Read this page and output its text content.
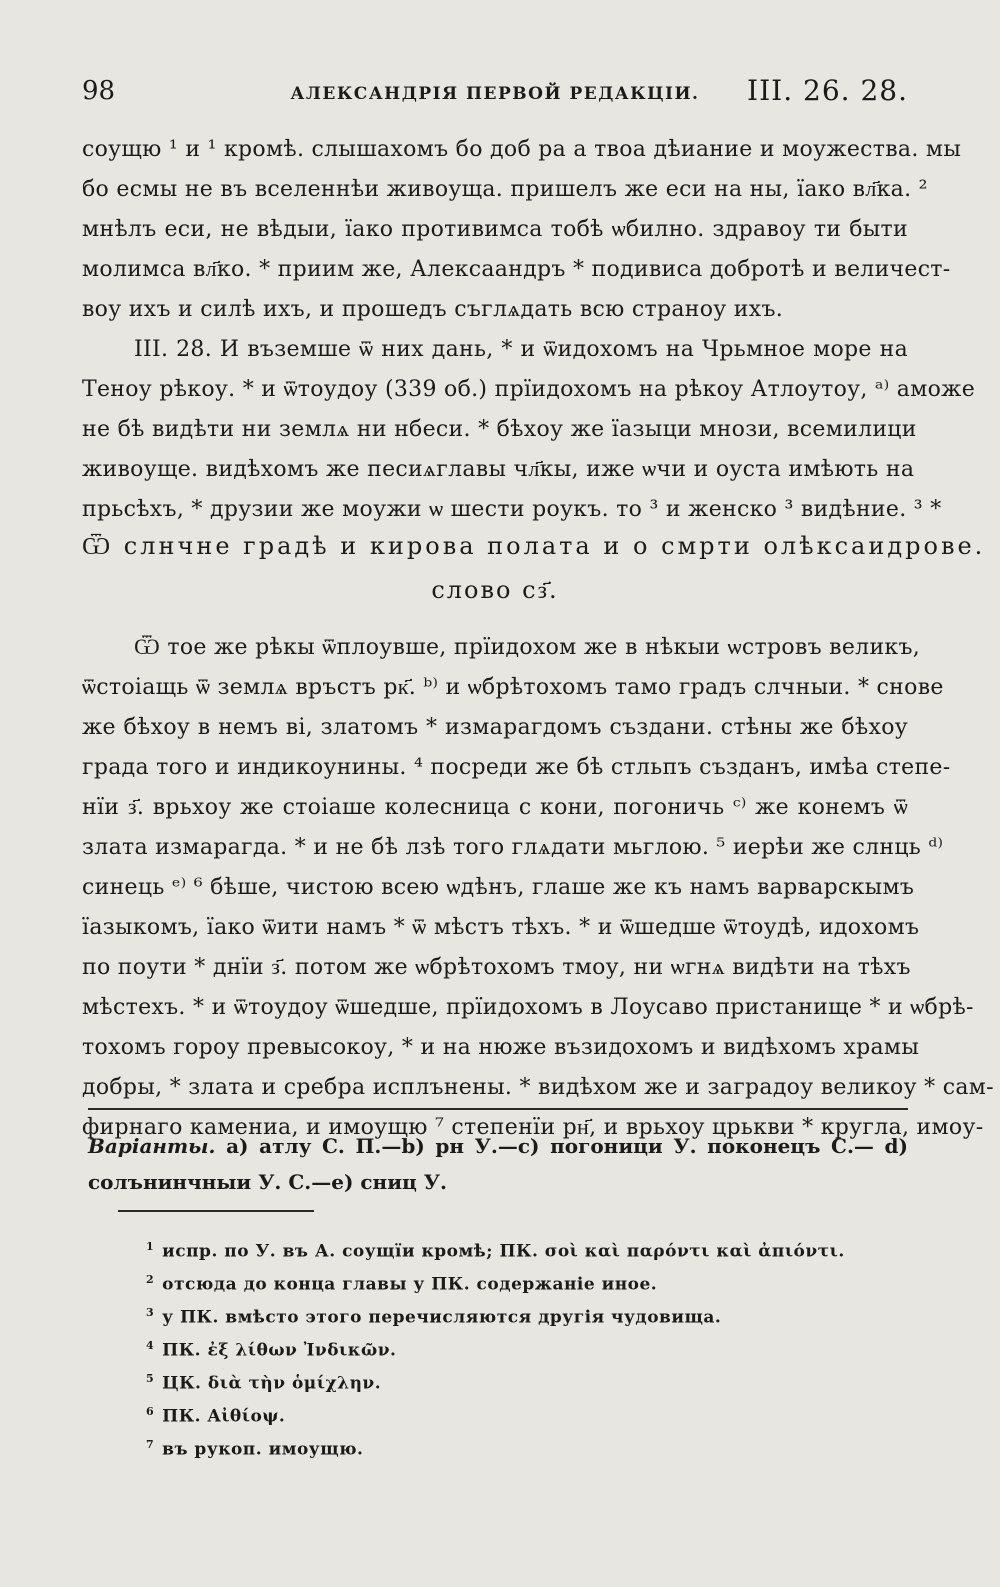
98	АЛЕКСАНДРІЯ ПЕРВОЙ РЕДАКЦІИ.	III. 26. 28.
соущю ¹ и ¹ кромѣ. слышахомъ бо доб ра а твоа дѣиание и моужества. мы
бо есмы не въ вселеннѣи живоуща. пришелъ же еси на ны, їако вл҃ка. ²
мнѣлъ еси, не вѣдыи, їако противимса тобѣ ѡбилно. здравоу ти быти
молимса вл҃ко. * приим же, Алексаандръ * подивиса добротѣ и величест-
воу ихъ и силѣ ихъ, и прошедъ съглѧдать всю страноу ихъ.
III. 28. И въземше ѿ них дань, * и ѿидохомъ на Чрьмное море на
Теноу рѣкоу. * и ѿтоудоу (339 об.) прїидохомъ на рѣкоу Атлоутоу, ᵃ⁾ аможе
не бѣ видѣти ни землѧ ни нбеси. * бѣхоу же їазыци мнози, всемилици
живоуще. видѣхомъ же песиѧглавы чл҃кы, иже ѡчи и оуста имѣють на
прьсѣхъ, * друзии же моужи ѡ шести роукъ. то ³ и женско ³ видѣние. ³ *
Ѿ слнчне градѣ и кирова полата и о смрти олѣксаидрове.
слово сз҃.
Ѿ тое же рѣкы ѿплоувше, прїидохом же в нѣкыи ѡстровъ великъ,
ѿстоіащь ѿ землѧ връстъ рк҃. ᵇ⁾ и ѡбрѣтохомъ тамо градъ слчныи. * снове
же бѣхоу в немъ ві, златомъ * измарагдомъ създани. стѣны же бѣхоу
града того и индикоунины. ⁴ посреди же бѣ стльпъ създанъ, имѣа степе-
нїи з҃. врьхоу же стоіаше колесница с кони, погоничь ᶜ⁾ же конемъ ѿ
злата измарагда. * и не бѣ лзѣ того глѧдати мьглою. ⁵ иерѣи же слнць ᵈ⁾
синець ᵉ⁾ ⁶ бѣше, чистою всею ѡдѣнъ, глаше же къ намъ варварскымъ
їазыкомъ, їако ѿити намъ * ѿ мѣстъ тѣхъ. * и ѿшедше ѿтоудѣ, идохомъ
по поути * днїи з҃. потом же ѡбрѣтохомъ тмоу, ни ѡгнѧ видѣти на тѣхъ
мѣстехъ. * и ѿтоудоу ѿшедше, прїидохомъ в Лоусаво пристанище * и ѡбрѣ-
тохомъ горoу превысокоу, * и на нюже възидохомъ и видѣхомъ храмы
добры, * злата и сребра исплънены. * видѣхом же и заградоу великоу * сам-
фирнаго камениа, и имоущю ⁷ степенїи рн҃, и врьхоу црькви * кругла, имоу-
Варіанты. а) атлу С. П.—b) рн У.—с) погоници У. поконецъ С.— d)
солънинчныи У. С.—е) сниц У.
$^1$ испр. по У. въ А. соущїи кромѣ; ПК. σοὶ καὶ παρόντι καὶ ἀπιόντι.
$^2$ отсюда до конца главы у ПК. содержаніе иное.
$^3$ у ПК. вмѣсто этого перечисляются другія чудовища.
$^4$ ПК. ἐξ λίθων Ἰνδικῶν.
$^5$ ЦК. διὰ τὴν ὁμίχλην.
$^6$ ПК. Αἰθίοψ.
$^7$ въ рукоп. имоущю.
